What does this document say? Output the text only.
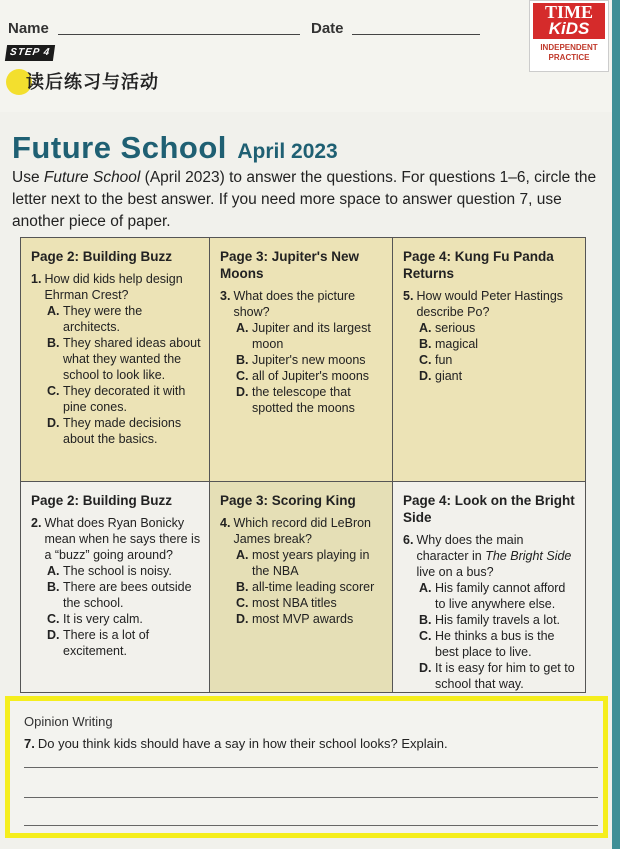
Name	Date
STEP 4
读后练习与活动
TIME
KiDS
INDEPENDENT PRACTICE
Future School April 2023
Use Future School (April 2023) to answer the questions. For questions 1–6, circle the letter next to the best answer. If you need more space to answer question 7, use another piece of paper.
Page 2: Building Buzz
1. How did kids help design Ehrman Crest?
A. They were the architects.
B. They shared ideas about what they wanted the school to look like.
C. They decorated it with pine cones.
D. They made decisions about the basics.
Page 3: Jupiter's New Moons
3. What does the picture show?
A. Jupiter and its largest moon
B. Jupiter's new moons
C. all of Jupiter's moons
D. the telescope that spotted the moons
Page 4: Kung Fu Panda Returns
5. How would Peter Hastings describe Po?
A. serious
B. magical
C. fun
D. giant
Page 2: Building Buzz
2. What does Ryan Bonicky mean when he says there is a “buzz” going around?
A. The school is noisy.
B. There are bees outside the school.
C. It is very calm.
D. There is a lot of excitement.
Page 3: Scoring King
4. Which record did LeBron James break?
A. most years playing in the NBA
B. all-time leading scorer
C. most NBA titles
D. most MVP awards
Page 4: Look on the Bright Side
6. Why does the main character in The Bright Side live on a bus?
A. His family cannot afford to live anywhere else.
B. His family travels a lot.
C. He thinks a bus is the best place to live.
D. It is easy for him to get to school that way.
Opinion Writing
7. Do you think kids should have a say in how their school looks? Explain.
